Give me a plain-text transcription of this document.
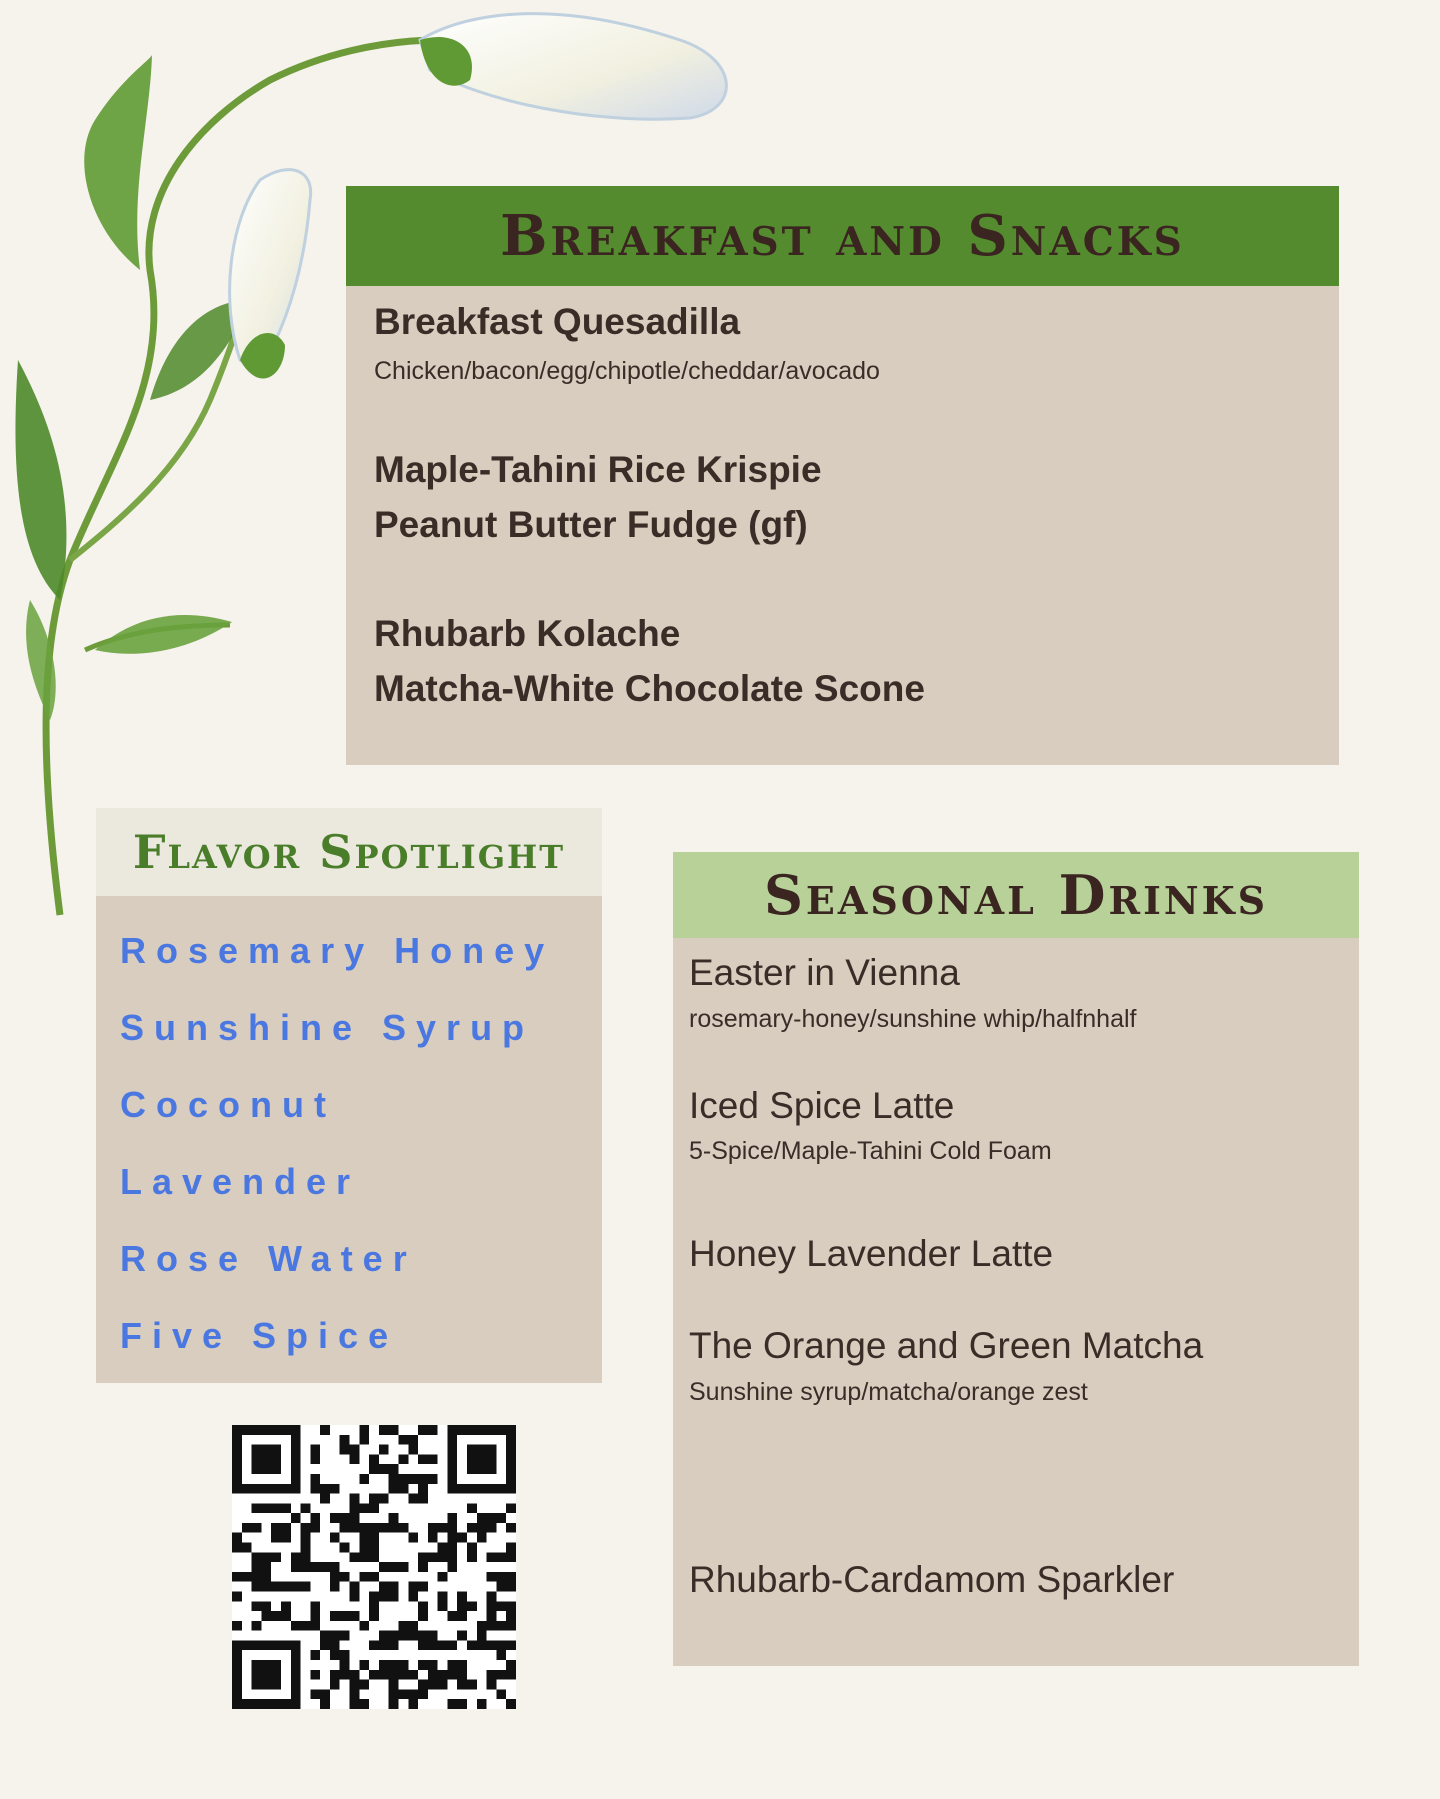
Breakfast and Snacks
Breakfast Quesadilla
Chicken/bacon/egg/chipotle/cheddar/avocado
Maple-Tahini Rice Krispie
Peanut Butter Fudge (gf)
Rhubarb Kolache
Matcha-White Chocolate Scone
Flavor Spotlight
Rosemary Honey
Sunshine Syrup
Coconut
Lavender
Rose Water
Five Spice
Seasonal Drinks
Easter in Vienna
rosemary-honey/sunshine whip/halfnhalf
Iced Spice Latte
5-Spice/Maple-Tahini Cold Foam
Honey Lavender Latte
The Orange and Green Matcha
Sunshine syrup/matcha/orange zest
Rhubarb-Cardamom Sparkler
